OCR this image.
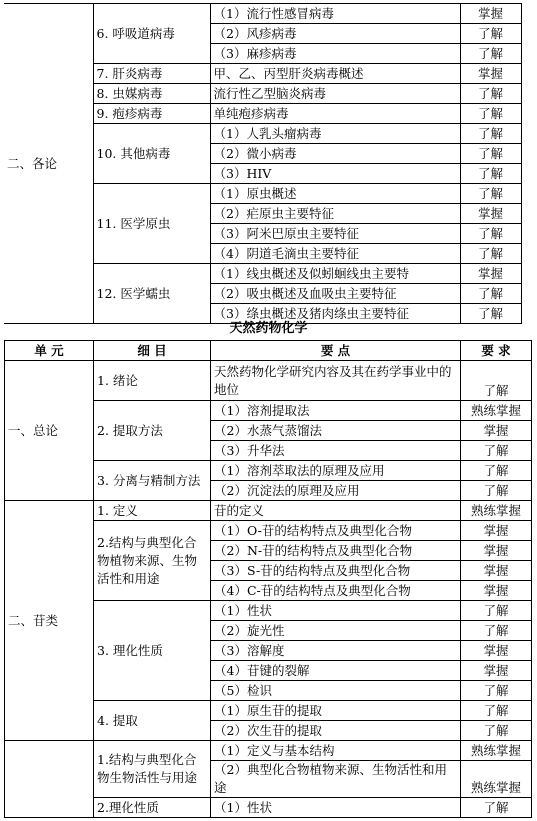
二、各论	6. 呼吸道病毒	（1）流行性感冒病毒	掌握
		（2）风疹病毒	了解
		（3）麻疹病毒	了解
	7. 肝炎病毒	甲、乙、丙型肝炎病毒概述	掌握
	8. 虫媒病毒	流行性乙型脑炎病毒	了解
	9. 疱疹病毒	单纯疱疹病毒	了解
	10. 其他病毒	（1）人乳头瘤病毒	了解
		（2）微小病毒	了解
		（3）HIV	了解
	11. 医学原虫	（1）原虫概述	了解
		（2）疟原虫主要特征	掌握
		（3）阿米巴原虫主要特征	了解
		（4）阴道毛滴虫主要特征	了解
	12. 医学蠕虫	（1）线虫概述及似蚓蛔线虫主要特	掌握
		（2）吸虫概述及血吸虫主要特征	了解
		（3）绦虫概述及猪肉绦虫主要特征	了解
天然药物化学
单 元	细 目	要 点	要 求
一、总论	1. 绪论	天然药物化学研究内容及其在药学事业中的地位	了解
	2. 提取方法	（1）溶剂提取法	熟练掌握
		（2）水蒸气蒸馏法	掌握
		（3）升华法	了解
	3. 分离与精制方法	（1）溶剂萃取法的原理及应用	了解
		（2）沉淀法的原理及应用	了解
二、苷类	1. 定义	苷的定义	熟练掌握
	2.结构与典型化合物植物来源、生物活性和用途	（1）O-苷的结构特点及典型化合物	掌握
		（2）N-苷的结构特点及典型化合物	掌握
		（3）S-苷的结构特点及典型化合物	掌握
		（4）C-苷的结构特点及典型化合物	掌握
	3. 理化性质	（1）性状	了解
		（2）旋光性	了解
		（3）溶解度	掌握
		（4）苷键的裂解	掌握
		（5）检识	了解
	4. 提取	（1）原生苷的提取	了解
		（2）次生苷的提取	了解
	1.结构与典型化合物生物活性与用途	（1）定义与基本结构	熟练掌握
		（2）典型化合物植物来源、生物活性和用途	熟练掌握
	2.理化性质	（1）性状	了解
